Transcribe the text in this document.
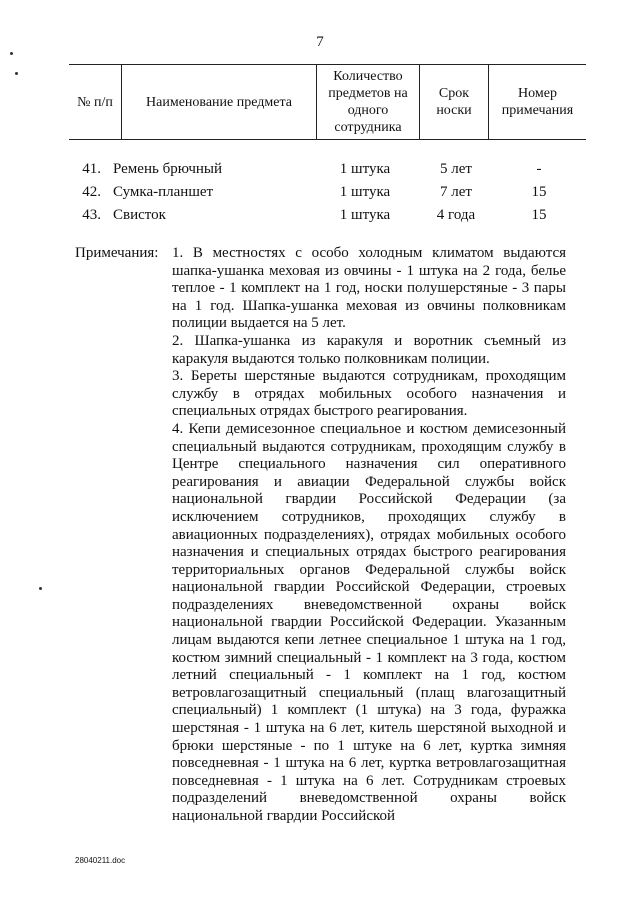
7
№ п/п	Наименование предмета	Количество предметов на одного сотрудника	Срок носки	Номер примечания
41. Ремень брючный	1 штука	5 лет	-
42. Сумка-планшет	1 штука	7 лет	15
43. Свисток	1 штука	4 года	15
Примечания: 1. В местностях с особо холодным климатом выдаются шапка-ушанка меховая из овчины - 1 штука на 2 года, белье теплое - 1 комплект на 1 год, носки полушерстяные - 3 пары на 1 год. Шапка-ушанка меховая из овчины полковникам полиции выдается на 5 лет.

2. Шапка-ушанка из каракуля и воротник съемный из каракуля выдаются только полковникам полиции.

3. Береты шерстяные выдаются сотрудникам, проходящим службу в отрядах мобильных особого назначения и специальных отрядах быстрого реагирования.

4. Кепи демисезонное специальное и костюм демисезонный специальный выдаются сотрудникам, проходящим службу в Центре специального назначения сил оперативного реагирования и авиации Федеральной службы войск национальной гвардии Российской Федерации (за исключением сотрудников, проходящих службу в авиационных подразделениях), отрядах мобильных особого назначения и специальных отрядах быстрого реагирования территориальных органов Федеральной службы войск национальной гвардии Российской Федерации, строевых подразделениях вневедомственной охраны войск национальной гвардии Российской Федерации. Указанным лицам выдаются кепи летнее специальное 1 штука на 1 год, костюм зимний специальный - 1 комплект на 3 года, костюм летний специальный - 1 комплект на 1 год, костюм ветровлагозащитный специальный (плащ влагозащитный специальный) 1 комплект (1 штука) на 3 года, фуражка шерстяная - 1 штука на 6 лет, китель шерстяной выходной и брюки шерстяные - по 1 штуке на 6 лет, куртка зимняя повседневная - 1 штука на 6 лет, куртка ветровлагозащитная повседневная - 1 штука на 6 лет. Сотрудникам строевых подразделений вневедомственной охраны войск национальной гвардии Российской

28040211.doc
